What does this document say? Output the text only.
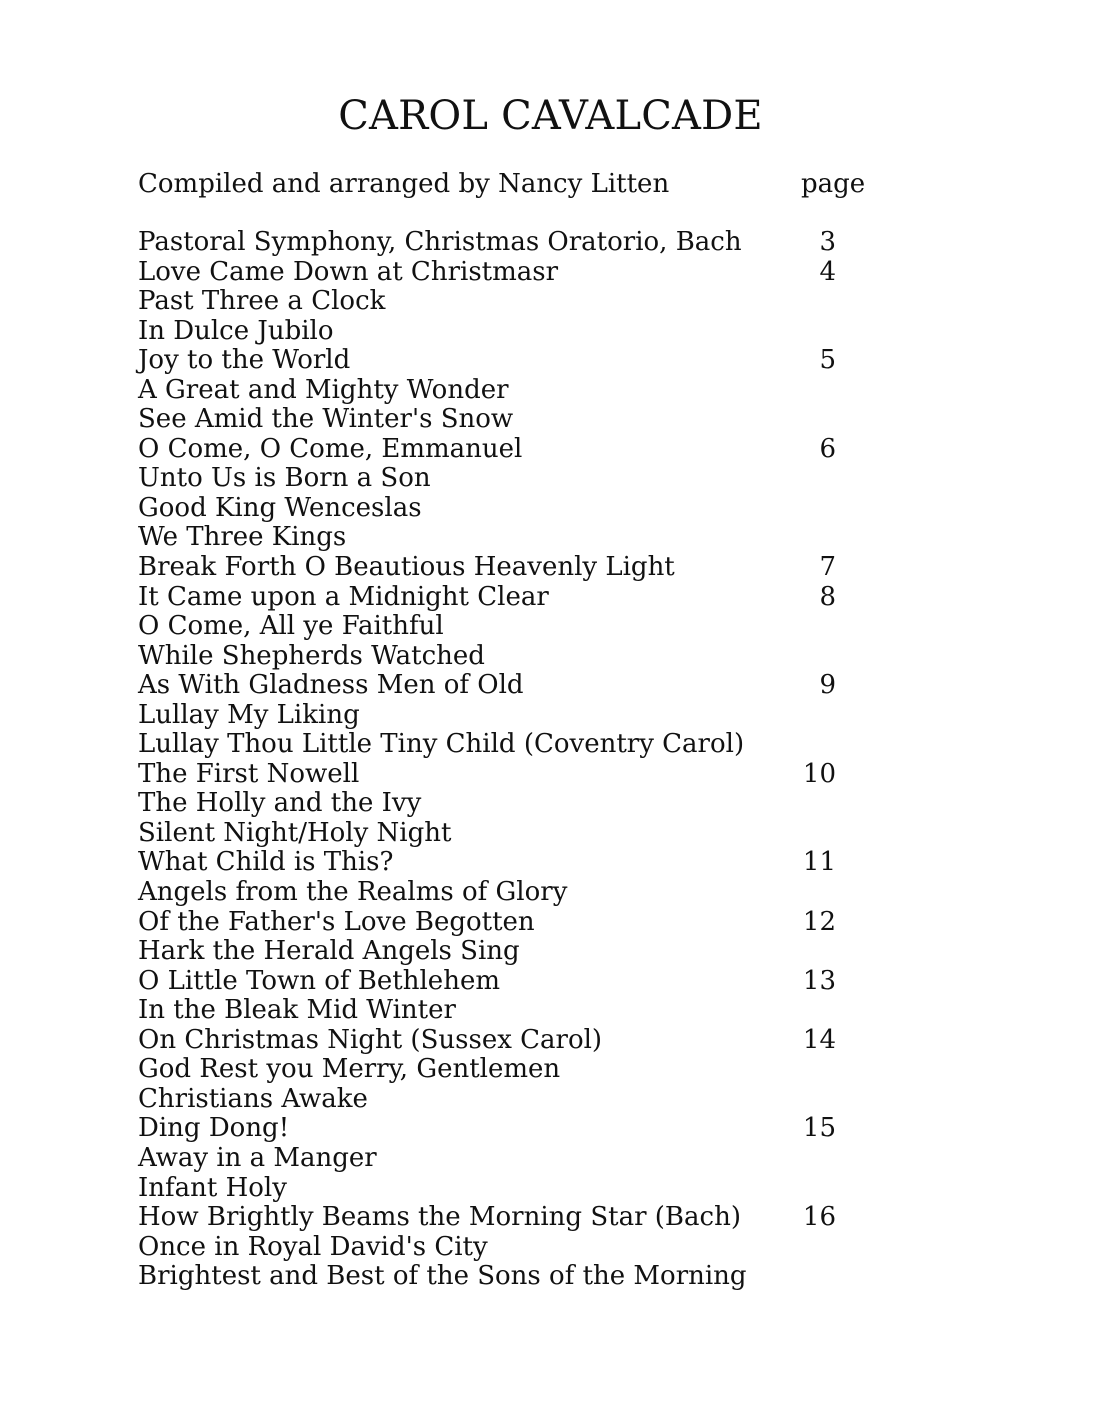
CAROL CAVALCADE
Compiled and arranged by Nancy Litten	page
Pastoral Symphony, Christmas Oratorio, Bach	3
Love Came Down at Christmasr	4
Past Three a Clock
In Dulce Jubilo
Joy to the World	5
A Great and Mighty Wonder
See Amid the Winter's Snow
O Come, O Come, Emmanuel	6
Unto Us is Born a Son
Good King Wenceslas
We Three Kings
Break Forth O Beautious Heavenly Light	7
It Came upon a Midnight Clear	8
O Come, All ye Faithful
While Shepherds Watched
As With Gladness Men of Old	9
Lullay My Liking
Lullay Thou Little Tiny Child (Coventry Carol)
The First Nowell	10
The Holly and the Ivy
Silent Night/Holy Night
What Child is This?	11
Angels from the Realms of Glory
Of the Father's Love Begotten	12
Hark the Herald Angels Sing
O Little Town of Bethlehem	13
In the Bleak Mid Winter
On Christmas Night (Sussex Carol)	14
God Rest you Merry, Gentlemen
Christians Awake
Ding Dong!	15
Away in a Manger
Infant Holy
How Brightly Beams the Morning Star (Bach) 16
Once in Royal David's City
Brightest and Best of the Sons of the Morning
